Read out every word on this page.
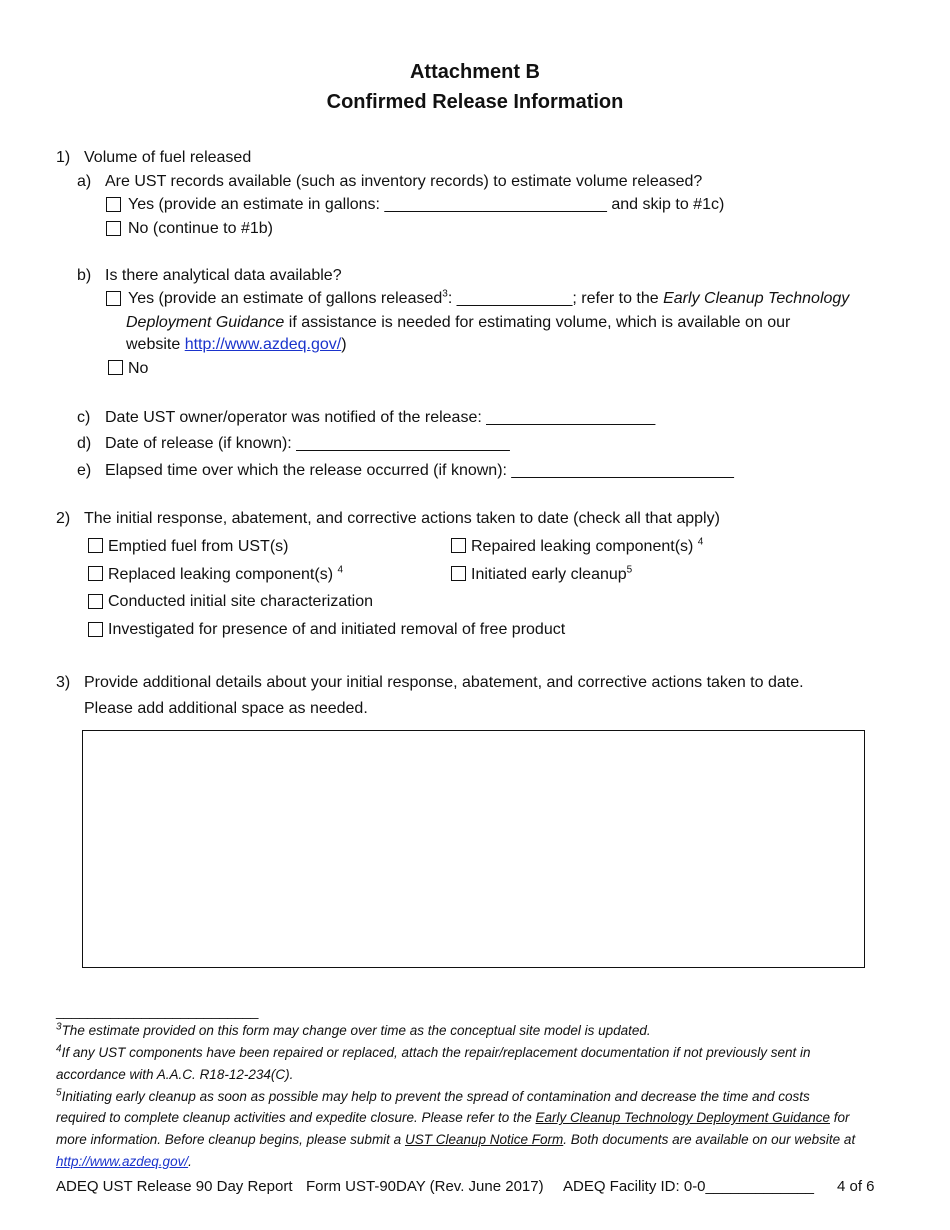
Attachment B
Confirmed Release Information
1) Volume of fuel released
a) Are UST records available (such as inventory records) to estimate volume released?
Yes (provide an estimate in gallons: _________________________ and skip to #1c)
No (continue to #1b)
b) Is there analytical data available?
Yes (provide an estimate of gallons released$^3$: _____________; refer to the Early Cleanup Technology
Deployment Guidance if assistance is needed for estimating volume, which is available on our
website http://www.azdeq.gov/)
No
c) Date UST owner/operator was notified of the release: ___________________
d) Date of release (if known): ________________________
e) Elapsed time over which the release occurred (if known): _________________________
2) The initial response, abatement, and corrective actions taken to date (check all that apply)
Emptied fuel from UST(s)	Repaired leaking component(s) $^4$
Replaced leaking component(s) $^4$	Initiated early cleanup$^5$
Conducted initial site characterization
Investigated for presence of and initiated removal of free product
3) Provide additional details about your initial response, abatement, and corrective actions taken to date.
Please add additional space as needed.
__________________________
$^3$The estimate provided on this form may change over time as the conceptual site model is updated.
$^4$If any UST components have been repaired or replaced, attach the repair/replacement documentation if not previously sent in
accordance with A.A.C. R18-12-234(C).
$^5$Initiating early cleanup as soon as possible may help to prevent the spread of contamination and decrease the time and costs
required to complete cleanup activities and expedite closure. Please refer to the Early Cleanup Technology Deployment Guidance for
more information. Before cleanup begins, please submit a UST Cleanup Notice Form. Both documents are available on our website at
http://www.azdeq.gov/.
ADEQ UST Release 90 Day Report Form UST-90DAY (Rev. June 2017) ADEQ Facility ID: 0-0_____________ 4 of 6
